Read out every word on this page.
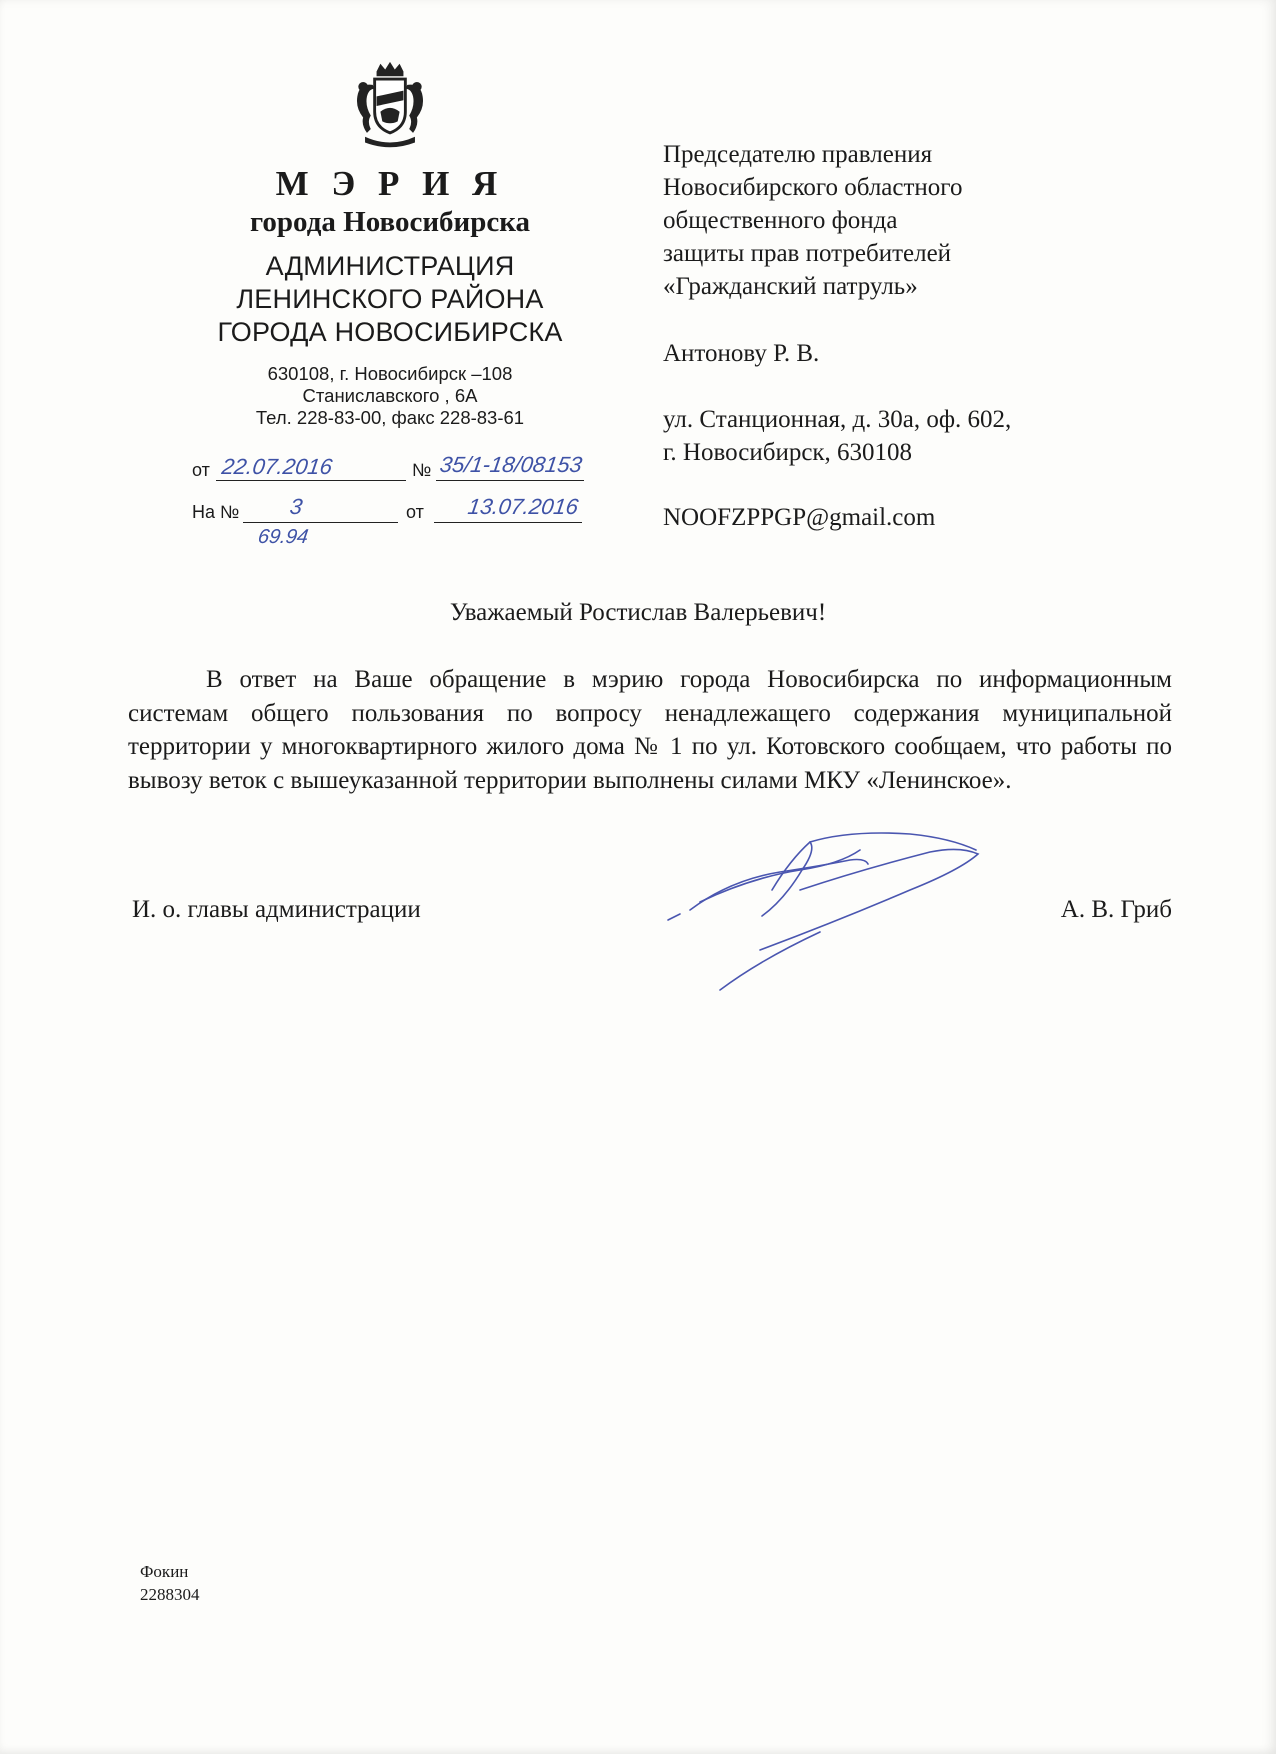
М Э Р И Я
города Новосибирска
АДМИНИСТРАЦИЯ
ЛЕНИНСКОГО РАЙОНА
ГОРОДА НОВОСИБИРСКА
630108, г. Новосибирск –108
Станиславского , 6А
Тел. 228-83-00, факс 228-83-61
от 22.07.2016	№ 35/1-18/08153
На № 3
69.94
от 13.07.2016
Председателю правления
Новосибирского областного
общественного фонда
защиты прав потребителей
«Гражданский патруль»
Антонову Р. В.
ул. Станционная, д. 30а, оф. 602,
г. Новосибирск, 630108
NOOFZPPGP@gmail.com
Уважаемый Ростислав Валерьевич!

В ответ на Ваше обращение в мэрию города Новосибирска по информационным системам общего пользования по вопросу ненадлежащего содержания муниципальной территории у многоквартирного жилого дома № 1 по ул. Котовского сообщаем, что работы по вывозу веток с вышеуказанной территории выполнены силами МКУ «Ленинское».

И. о. главы администрации	А. В. Гриб
Фокин
2288304
